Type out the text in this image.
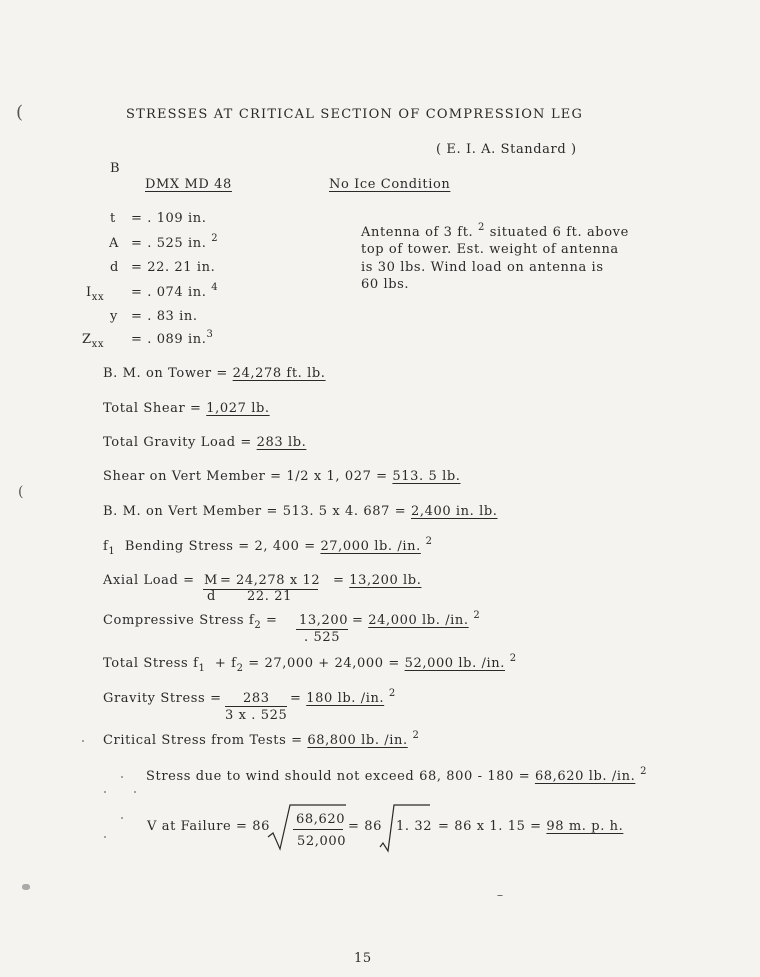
(
(
STRESSES AT CRITICAL SECTION OF COMPRESSION LEG
( E. I. A. Standard )
B
DMX MD 48	No Ice Condition
t = . 109 in.
A = . 525 in. $^2$
d = 22. 21 in.
$I_{xx}$ = . 074 in. $^4$
y = . 83 in.
$Z_{xx}$ = . 089 in.$^3$
Antenna of 3 ft. $^2$ situated 6 ft. above
top of tower. Est. weight of antenna
is 30 lbs. Wind load on antenna is
60 lbs.
B. M. on Tower = 24,278 ft. lb.
Total Shear = 1,027 lb.
Total Gravity Load = 283 lb.
Shear on Vert Member = 1/2 x 1, 027 = 513. 5 lb.
B. M. on Vert Member = 513. 5 x 4. 687 = 2,400 in. lb.
$f_1$ Bending Stress = 2, 400 = 27,000 lb. /in. $^2$
Axial Load = M
d
24,278 x 12
22. 21
=	= 13,200 lb.
Compressive Stress $f_2 = 13,200$
. 525
= 24,000 lb. /in. $^2$
Total Stress $f_1 + f_2 = 27,000 + 24,000 = 52,000$ lb. /in. $^2$
Gravity Stress = 283
3 x . 525
= 180 lb. /in. $^2$
Critical Stress from Tests = 68,800 lb. /in. $^2$
Stress due to wind should not exceed 68, 800 - 180 = 68,620 lb. /in. $^2$
V at Failure = 86 68,620
52,000
= 86 1. 32 = 86 x 1. 15 = 98 m. p. h.
15
